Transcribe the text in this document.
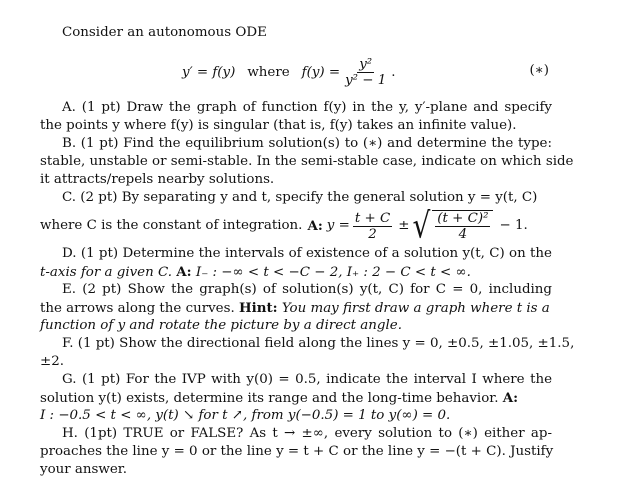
Consider an autonomous ODE
y′ = f(y) where $f(y) = \frac{\text{y²}}{\text{y² − 1}}$ .	(∗)
A. (1 pt) Draw the graph of function f(y) in the y, y′-plane and specify
the points y where f(y) is singular (that is, f(y) takes an infinite value).
B. (1 pt) Find the equilibrium solution(s) to (∗) and determine the type:
stable, unstable or semi-stable. In the semi-stable case, indicate on which side
it attracts/repels nearby solutions.
C. (2 pt) By separating y and t, specify the general solution y = y(t, C)
where C is the constant of integration. A: $y = \frac{t + C}{2}$ ± √ $\frac{\text{(t + C)²}}{4} - 1$.
D. (1 pt) Determine the intervals of existence of a solution y(t, C) on the
t-axis for a given C. A: I₋ : −∞ < t < −C − 2, I₊ : 2 − C < t < ∞.
E. (2 pt) Show the graph(s) of solution(s) y(t, C) for C = 0, including
the arrows along the curves. Hint: You may first draw a graph where t is a
function of y and rotate the picture by a direct angle.
F. (1 pt) Show the directional field along the lines y = 0, ±0.5, ±1.05, ±1.5,
±2.
G. (1 pt) For the IVP with y(0) = 0.5, indicate the interval I where the
solution y(t) exists, determine its range and the long-time behavior. A:
I : −0.5 < t < ∞, y(t) ↘ for t ↗, from y(−0.5) = 1 to y(∞) = 0.
H. (1pt) TRUE or FALSE? As t → ±∞, every solution to (∗) either ap-
proaches the line y = 0 or the line y = t + C or the line y = −(t + C). Justify
your answer.
